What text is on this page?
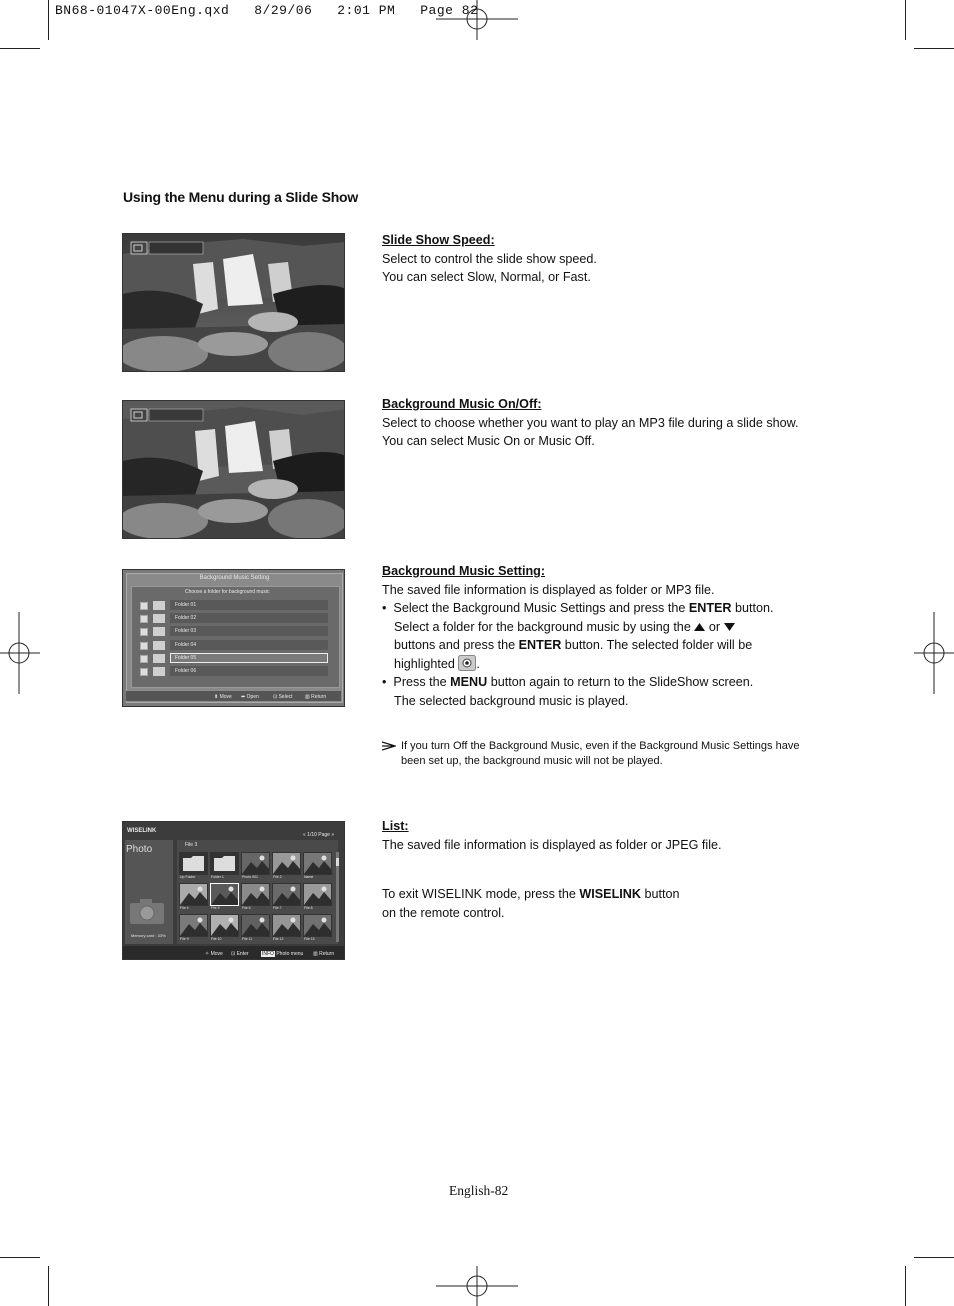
BN68-01047X-00Eng.qxd   8/29/06   2:01 PM   Page 82
Using the Menu during a Slide Show
Slide Show Speed:
Select to control the slide show speed.
You can select Slow, Normal, or Fast.
Background Music On/Off:
Select to choose whether you want to play an MP3 file during a slide show.
You can select Music On or Music Off.
Background Music Setting
Choose a folder for background music
Folder 01
Folder 02
Folder 03
Folder 04
Folder 05
Folder 06
⬍ Move ⬌ Open	⊡ Select	▥ Return
Background Music Setting:
The saved file information is displayed as folder or MP3 file.
•  Select the Background Music Settings and press the ENTER button.
Select a folder for the background music by using the  or
buttons and press the ENTER button. The selected folder will be
highlighted .
•  Press the MENU button again to return to the SlideShow screen.
The selected background music is played.
If you turn Off the Background Music, even if the Background Music Settings have been set up, the background music will not be played.
WISELINK
« 1/10 Page »
Photo
Memory card : 33%
File 3
Up Folder	Folder 1	Photo 001	File 2	Name
File 4	File 5	File 6	File 7	File 8
File 9	File 10	File 11	File 12	File 13
✧ Move ⊡ Enter	INFO Photo menu ▥ Return
List:
The saved file information is displayed as folder or JPEG file.
To exit WISELINK mode, press the WISELINK button
on the remote control.
English-82
